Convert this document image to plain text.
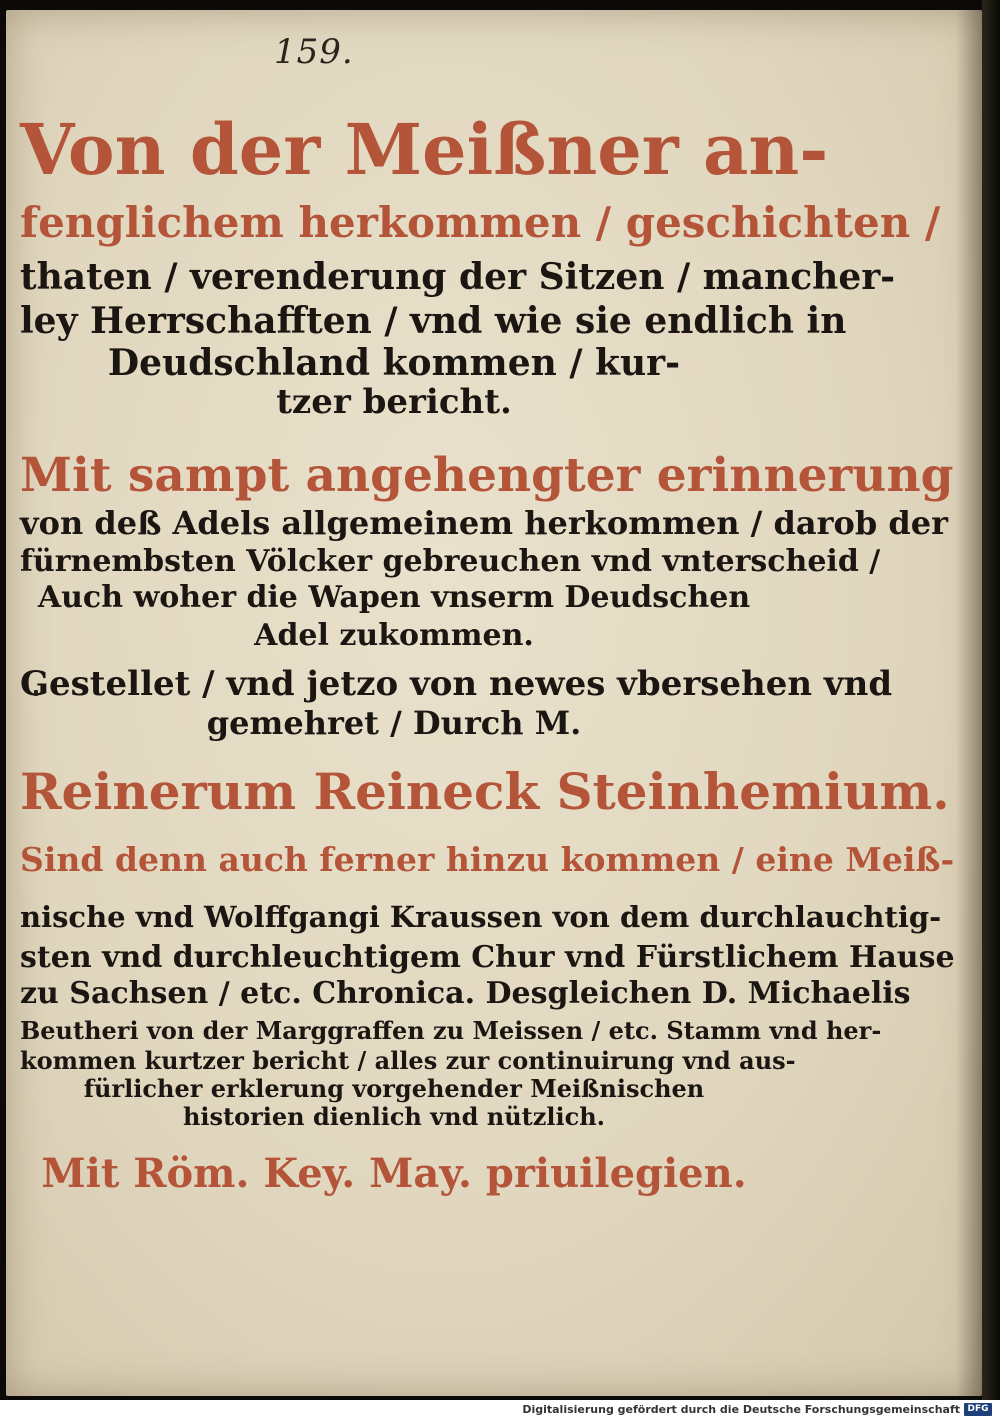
159.

Von der Meißner an-

fenglichem herkommen / geschichten /

thaten / verenderung der Sitzen / mancher-

ley Herrschafften / vnd wie sie endlich in

Deudschland kommen / kur-

tzer bericht.

Mit sampt angehengter erinnerung

von deß Adels allgemeinem herkommen / darob der

fürnembsten Völcker gebreuchen vnd vnterscheid /

Auch woher die Wapen vnserm Deudschen

Adel zukommen.

Gestellet / vnd jetzo von newes vbersehen vnd

gemehret / Durch M.

Reinerum Reineck Steinhemium.

Sind denn auch ferner hinzu kommen / eine Meiß-

nische vnd Wolffgangi Kraussen von dem durchlauchtig-

sten vnd durchleuchtigem Chur vnd Fürstlichem Hause

zu Sachsen / etc. Chronica. Desgleichen D. Michaelis

Beutheri von der Marggraffen zu Meissen / etc. Stamm vnd her-

kommen kurtzer bericht / alles zur continuirung vnd aus-

fürlicher erklerung vorgehender Meißnischen

historien dienlich vnd nützlich.

Mit Röm. Key. May. priuilegien.

Digitalisierung gefördert durch die Deutsche Forschungsgemeinschaft DFG
